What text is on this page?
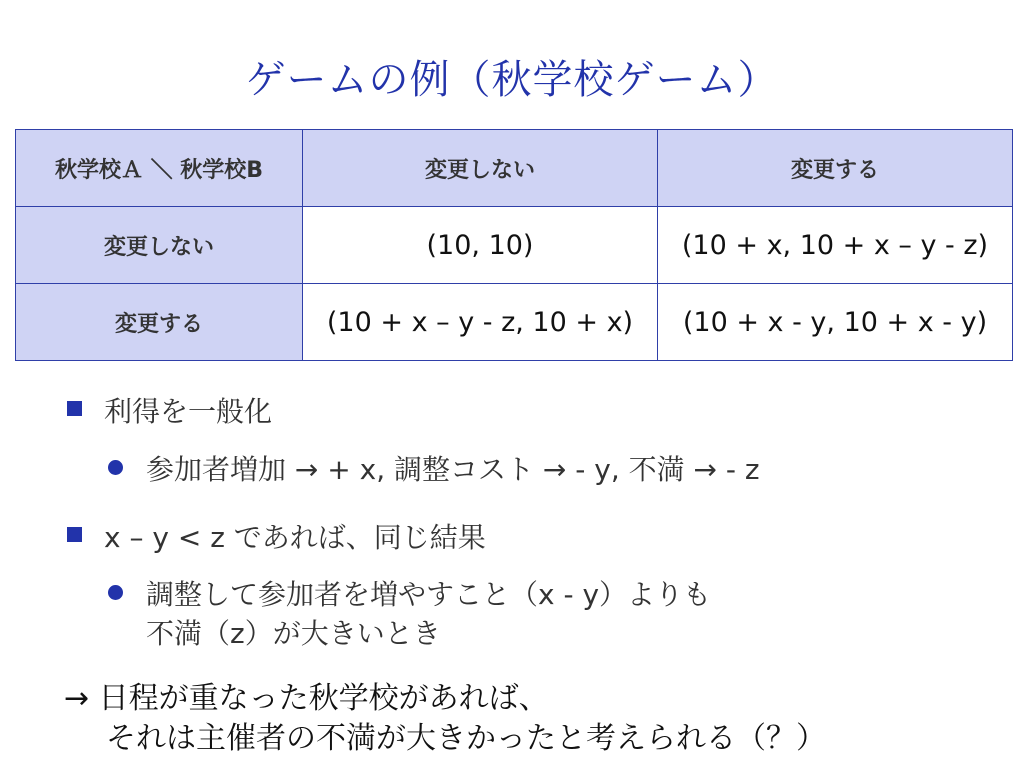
ゲームの例（秋学校ゲーム）
秋学校Ａ ＼ 秋学校B	変更しない	変更する
変更しない	(10, 10)	(10 + x, 10 + x – y - z)
変更する	(10 + x – y - z, 10 + x)	(10 + x - y, 10 + x - y)
利得を一般化
参加者増加 → + x, 調整コスト → - y, 不満 → - z
x – y < z であれば、同じ結果
調整して参加者を増やすこと（x - y）よりも
不満（z）が大きいとき
→ 日程が重なった秋学校があれば、
それは主催者の不満が大きかったと考えられる（？）
